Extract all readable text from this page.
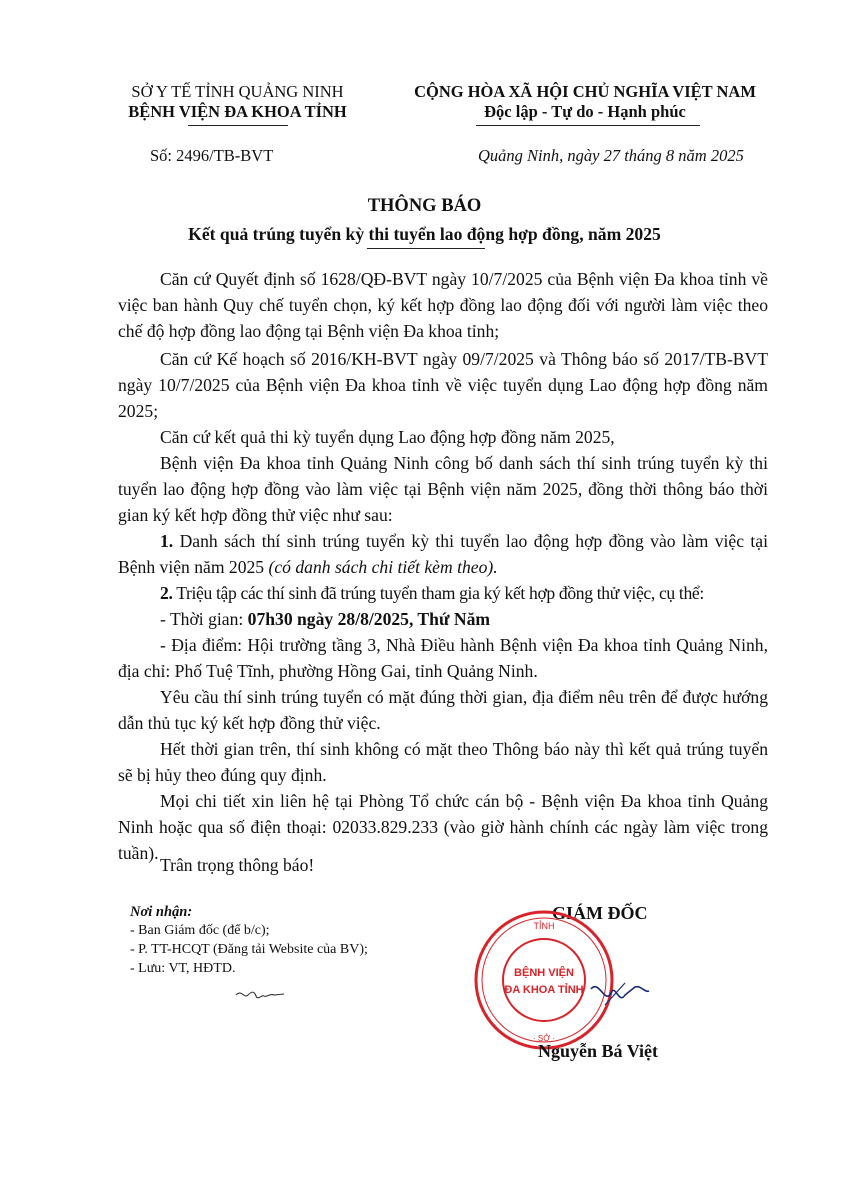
SỞ Y TẾ TỈNH QUẢNG NINH
BỆNH VIỆN ĐA KHOA TỈNH
CỘNG HÒA XÃ HỘI CHỦ NGHĨA VIỆT NAM
Độc lập - Tự do - Hạnh phúc
Số: 2496/TB-BVT	Quảng Ninh, ngày 27 tháng 8 năm 2025
THÔNG BÁO
Kết quả trúng tuyển kỳ thi tuyển lao động hợp đồng, năm 2025
Căn cứ Quyết định số 1628/QĐ-BVT ngày 10/7/2025 của Bệnh viện Đa khoa tỉnh về việc ban hành Quy chế tuyển chọn, ký kết hợp đồng lao động đối với người làm việc theo chế độ hợp đồng lao động tại Bệnh viện Đa khoa tỉnh;
Căn cứ Kế hoạch số 2016/KH-BVT ngày 09/7/2025 và Thông báo số 2017/TB-BVT ngày 10/7/2025 của Bệnh viện Đa khoa tỉnh về việc tuyển dụng Lao động hợp đồng năm 2025;
Căn cứ kết quả thi kỳ tuyển dụng Lao động hợp đồng năm 2025,
Bệnh viện Đa khoa tỉnh Quảng Ninh công bố danh sách thí sinh trúng tuyển kỳ thi tuyển lao động hợp đồng vào làm việc tại Bệnh viện năm 2025, đồng thời thông báo thời gian ký kết hợp đồng thử việc như sau:
1. Danh sách thí sinh trúng tuyển kỳ thi tuyển lao động hợp đồng vào làm việc tại Bệnh viện năm 2025 (có danh sách chi tiết kèm theo).
2. Triệu tập các thí sinh đã trúng tuyển tham gia ký kết hợp đồng thử việc, cụ thể:
- Thời gian: 07h30 ngày 28/8/2025, Thứ Năm
- Địa điểm: Hội trường tầng 3, Nhà Điều hành Bệnh viện Đa khoa tỉnh Quảng Ninh, địa chỉ: Phố Tuệ Tĩnh, phường Hồng Gai, tỉnh Quảng Ninh.
Yêu cầu thí sinh trúng tuyển có mặt đúng thời gian, địa điểm nêu trên để được hướng dẫn thủ tục ký kết hợp đồng thử việc.
Hết thời gian trên, thí sinh không có mặt theo Thông báo này thì kết quả trúng tuyển sẽ bị hủy theo đúng quy định.
Mọi chi tiết xin liên hệ tại Phòng Tổ chức cán bộ - Bệnh viện Đa khoa tỉnh Quảng Ninh hoặc qua số điện thoại: 02033.829.233 (vào giờ hành chính các ngày làm việc trong tuần).
Trân trọng thông báo!
Nơi nhận:
- Ban Giám đốc (để b/c);
- P. TT-HCQT (Đăng tải Website của BV);
- Lưu: VT, HĐTD.
GIÁM ĐỐC
TỈNH
· SỞ ·
BỆNH VIỆN
ĐA KHOA TỈNH
Nguyễn Bá Việt
